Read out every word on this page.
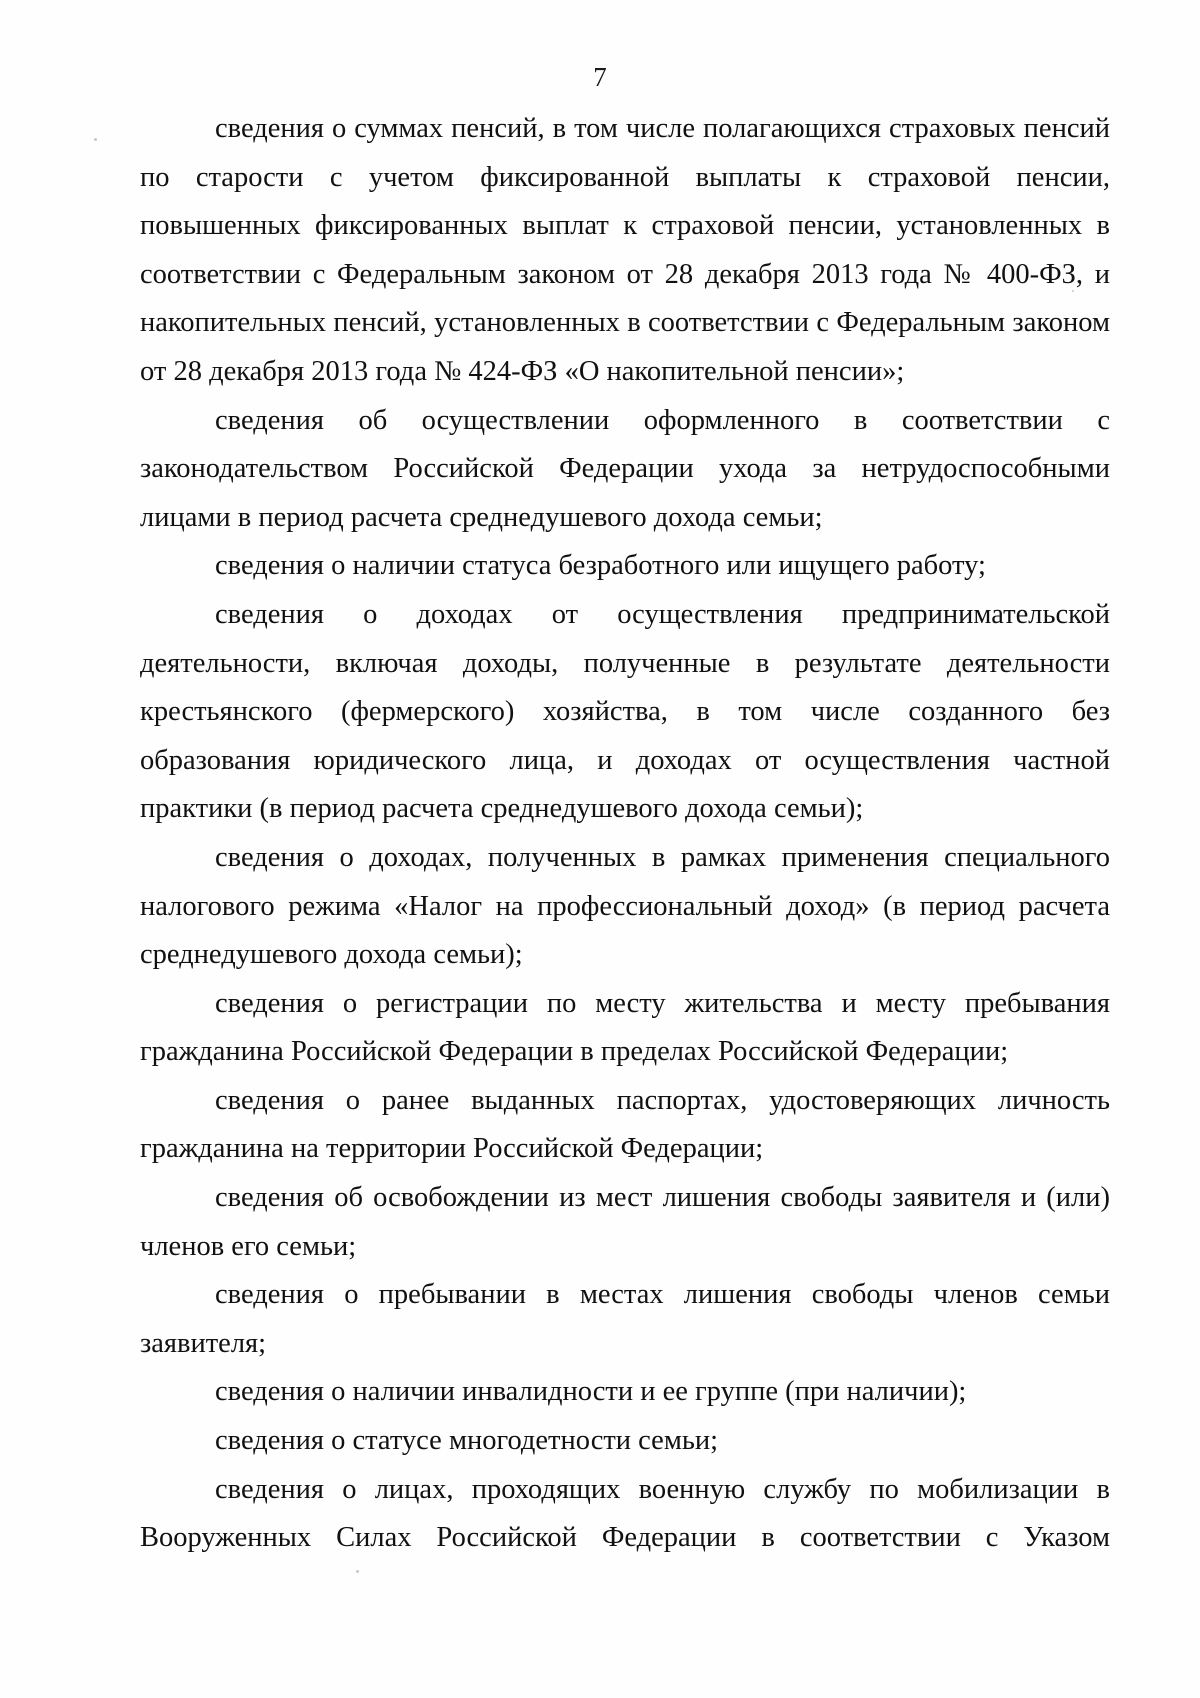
7

сведения о суммах пенсий, в том числе полагающихся страховых пенсий по старости с учетом фиксированной выплаты к страховой пенсии, повышенных фиксированных выплат к страховой пенсии, установленных в соответствии с Федеральным законом от 28 декабря 2013 года № 400-ФЗ, и накопительных пенсий, установленных в соответствии с Федеральным законом от 28 декабря 2013 года № 424-ФЗ «О накопительной пенсии»;

сведения об осуществлении оформленного в соответствии с законодательством Российской Федерации ухода за нетрудоспособными лицами в период расчета среднедушевого дохода семьи;

сведения о наличии статуса безработного или ищущего работу;

сведения о доходах от осуществления предпринимательской деятельности, включая доходы, полученные в результате деятельности крестьянского (фермерского) хозяйства, в том числе созданного без образования юридического лица, и доходах от осуществления частной практики (в период расчета среднедушевого дохода семьи);

сведения о доходах, полученных в рамках применения специального налогового режима «Налог на профессиональный доход» (в период расчета среднедушевого дохода семьи);

сведения о регистрации по месту жительства и месту пребывания гражданина Российской Федерации в пределах Российской Федерации;

сведения о ранее выданных паспортах, удостоверяющих личность гражданина на территории Российской Федерации;

сведения об освобождении из мест лишения свободы заявителя и (или) членов его семьи;

сведения о пребывании в местах лишения свободы членов семьи заявителя;

сведения о наличии инвалидности и ее группе (при наличии);

сведения о статусе многодетности семьи;

сведения о лицах, проходящих военную службу по мобилизации в Вооруженных Силах Российской Федерации в соответствии с Указом
